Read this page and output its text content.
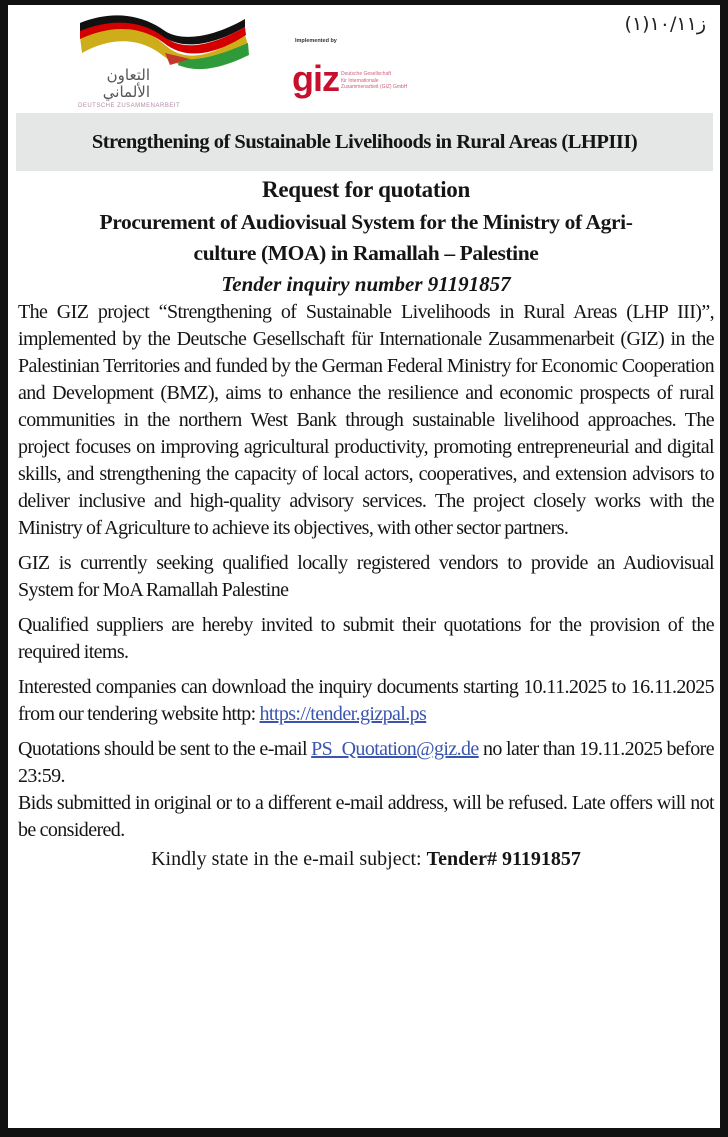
التعاون
الألماني
DEUTSCHE ZUSAMMENARBEIT
Implemented by
giz Deutsche Gesellschaft
für Internationale
Zusammenarbeit (GIZ) GmbH
ز١٠/١١(١)
Strengthening of Sustainable Livelihoods in Rural Areas (LHPIII)

Request for quotation

Procurement of Audiovisual System for the Ministry of Agri-

culture (MOA) in Ramallah – Palestine

Tender inquiry number 91191857

The GIZ project “Strengthening of Sustainable Livelihoods in Rural Areas (LHP III)”, implemented by the Deutsche Gesellschaft für Internationale Zusammenarbeit (GIZ) in the Palestinian Territories and funded by the German Federal Ministry for Economic Cooperation and Development (BMZ), aims to enhance the resilience and economic prospects of rural communities in the northern West Bank through sustainable livelihood approaches. The project focuses on improving agricultural productivity, promoting entrepreneurial and digital skills, and strengthening the capacity of local actors, cooperatives, and extension advisors to deliver inclusive and high-quality advisory services. The project closely works with the Ministry of Agriculture to achieve its objectives, with other sector partners.

GIZ is currently seeking qualified locally registered vendors to provide an Audiovisual System for MoA Ramallah Palestine

Qualified suppliers are hereby invited to submit their quotations for the provision of the required items.

Interested companies can download the inquiry documents starting 10.11.2025 to 16.11.2025 from our tendering website http: https://tender.gizpal.ps

Quotations should be sent to the e-mail PS_Quotation@giz.de no later than 19.11.2025 before 23:59.

Bids submitted in original or to a different e-mail address, will be refused. Late offers will not be considered.

Kindly state in the e-mail subject: Tender# 91191857
